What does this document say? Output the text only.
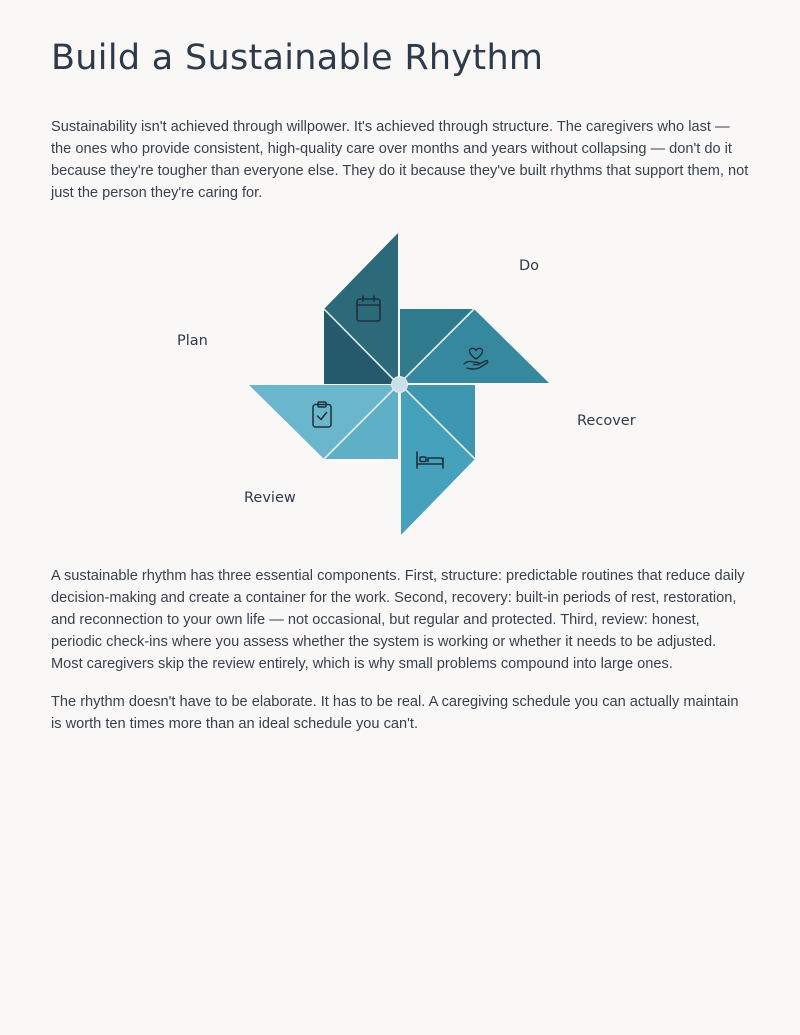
Build a Sustainable Rhythm

Sustainability isn't achieved through willpower. It's achieved through structure. The caregivers who last — the ones who provide consistent, high-quality care over months and years without collapsing — don't do it because they're tougher than everyone else. They do it because they've built rhythms that support them, not just the person they're caring for.

Do
Plan
Recover
Review

A sustainable rhythm has three essential components. First, structure: predictable routines that reduce daily decision-making and create a container for the work. Second, recovery: built-in periods of rest, restoration, and reconnection to your own life — not occasional, but regular and protected. Third, review: honest, periodic check-ins where you assess whether the system is working or whether it needs to be adjusted. Most caregivers skip the review entirely, which is why small problems compound into large ones.

The rhythm doesn't have to be elaborate. It has to be real. A caregiving schedule you can actually maintain is worth ten times more than an ideal schedule you can't.
